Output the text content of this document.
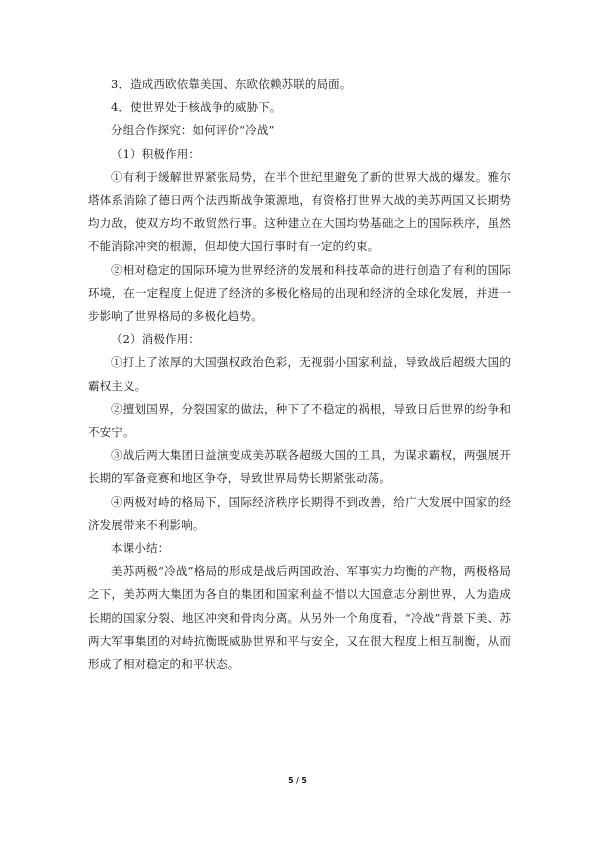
3．造成西欧依靠美国、东欧依赖苏联的局面。

4．使世界处于核战争的威胁下。

分组合作探究：如何评价“冷战”

（1）积极作用：

①有利于缓解世界紧张局势，在半个世纪里避免了新的世界大战的爆发。雅尔塔体系消除了德日两个法西斯战争策源地，有资格打世界大战的美苏两国又长期势均力敌，使双方均不敢贸然行事。这种建立在大国均势基础之上的国际秩序，虽然不能消除冲突的根源，但却使大国行事时有一定的约束。

②相对稳定的国际环境为世界经济的发展和科技革命的进行创造了有利的国际环境，在一定程度上促进了经济的多极化格局的出现和经济的全球化发展，并进一步影响了世界格局的多极化趋势。

（2）消极作用：

①打上了浓厚的大国强权政治色彩，无视弱小国家利益，导致战后超级大国的霸权主义。

②擅划国界，分裂国家的做法，种下了不稳定的祸根，导致日后世界的纷争和不安宁。

③战后两大集团日益演变成美苏联各超级大国的工具，为谋求霸权，两强展开长期的军备竞赛和地区争夺，导致世界局势长期紧张动荡。

④两极对峙的格局下，国际经济秩序长期得不到改善，给广大发展中国家的经济发展带来不利影响。

本课小结：

美苏两极“冷战”格局的形成是战后两国政治、军事实力均衡的产物，两极格局之下，美苏两大集团为各自的集团和国家利益不惜以大国意志分割世界，人为造成长期的国家分裂、地区冲突和骨肉分离。从另外一个角度看，“冷战”背景下美、苏两大军事集团的对峙抗衡既威胁世界和平与安全，又在很大程度上相互制衡，从而形成了相对稳定的和平状态。

5 / 5
